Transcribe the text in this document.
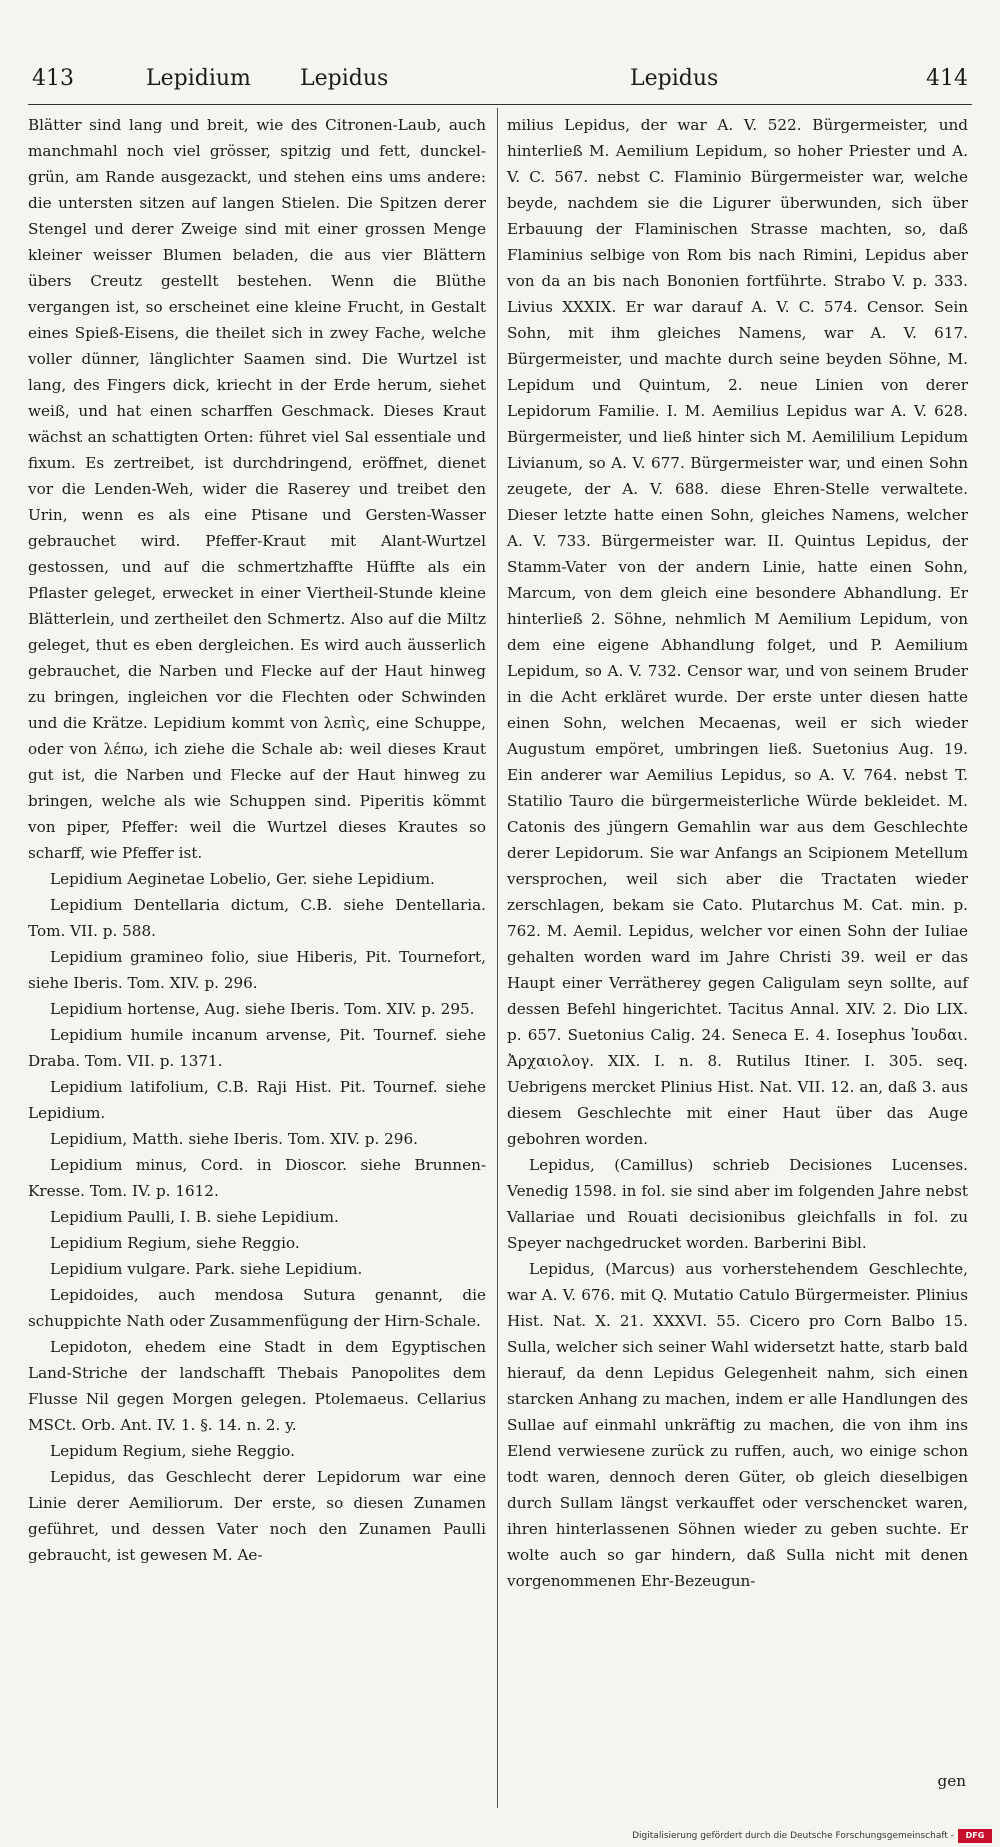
413	Lepidium Lepidus	Lepidus	414

Blätter sind lang und breit, wie des Citronen-Laub, auch manchmahl noch viel grösser, spitzig und fett, dunckel-grün, am Rande ausgezackt, und stehen eins ums andere: die untersten sitzen auf langen Stielen. Die Spitzen derer Stengel und derer Zweige sind mit einer grossen Menge kleiner weisser Blumen beladen, die aus vier Blättern übers Creutz gestellt bestehen. Wenn die Blüthe vergangen ist, so erscheinet eine kleine Frucht, in Gestalt eines Spieß-Eisens, die theilet sich in zwey Fache, welche voller dünner, länglichter Saamen sind. Die Wurtzel ist lang, des Fingers dick, kriecht in der Erde herum, siehet weiß, und hat einen scharffen Geschmack. Dieses Kraut wächst an schattigten Orten: führet viel Sal essentiale und fixum. Es zertreibet, ist durchdringend, eröffnet, dienet vor die Lenden-Weh, wider die Raserey und treibet den Urin, wenn es als eine Ptisane und Gersten-Wasser gebrauchet wird. Pfeffer-Kraut mit Alant-Wurtzel gestossen, und auf die schmertzhaffte Hüffte als ein Pflaster geleget, erwecket in einer Viertheil-Stunde kleine Blätterlein, und zertheilet den Schmertz. Also auf die Miltz geleget, thut es eben dergleichen. Es wird auch äusserlich gebrauchet, die Narben und Flecke auf der Haut hinweg zu bringen, ingleichen vor die Flechten oder Schwinden und die Krätze. Lepidium kommt von λεπὶς, eine Schuppe, oder von λέπω, ich ziehe die Schale ab: weil dieses Kraut gut ist, die Narben und Flecke auf der Haut hinweg zu bringen, welche als wie Schuppen sind. Piperitis kömmt von piper, Pfeffer: weil die Wurtzel dieses Krautes so scharff, wie Pfeffer ist.

Lepidium Aeginetae Lobelio, Ger. siehe Lepidium.

Lepidium Dentellaria dictum, C.B. siehe Dentellaria. Tom. VII. p. 588.

Lepidium gramineo folio, siue Hiberis, Pit. Tournefort, siehe Iberis. Tom. XIV. p. 296.

Lepidium hortense, Aug. siehe Iberis. Tom. XIV. p. 295.

Lepidium humile incanum arvense, Pit. Tournef. siehe Draba. Tom. VII. p. 1371.

Lepidium latifolium, C.B. Raji Hist. Pit. Tournef. siehe Lepidium.

Lepidium, Matth. siehe Iberis. Tom. XIV. p. 296.

Lepidium minus, Cord. in Dioscor. siehe Brunnen-Kresse. Tom. IV. p. 1612.

Lepidium Paulli, I. B. siehe Lepidium.

Lepidium Regium, siehe Reggio.

Lepidium vulgare. Park. siehe Lepidium.

Lepidoides, auch mendosa Sutura genannt, die schuppichte Nath oder Zusammenfügung der Hirn-Schale.

Lepidoton, ehedem eine Stadt in dem Egyptischen Land-Striche der landschafft Thebais Panopolites dem Flusse Nil gegen Morgen gelegen. Ptolemaeus. Cellarius MSCt. Orb. Ant. IV. 1. §. 14. n. 2. y.

Lepidum Regium, siehe Reggio.

Lepidus, das Geschlecht derer Lepidorum war eine Linie derer Aemiliorum. Der erste, so diesen Zunamen geführet, und dessen Vater noch den Zunamen Paulli gebraucht, ist gewesen M. Ae-

milius Lepidus, der war A. V. 522. Bürgermeister, und hinterließ M. Aemilium Lepidum, so hoher Priester und A. V. C. 567. nebst C. Flaminio Bürgermeister war, welche beyde, nachdem sie die Ligurer überwunden, sich über Erbauung der Flaminischen Strasse machten, so, daß Flaminius selbige von Rom bis nach Rimini, Lepidus aber von da an bis nach Bononien fortführte. Strabo V. p. 333. Livius XXXIX. Er war darauf A. V. C. 574. Censor. Sein Sohn, mit ihm gleiches Namens, war A. V. 617. Bürgermeister, und machte durch seine beyden Söhne, M. Lepidum und Quintum, 2. neue Linien von derer Lepidorum Familie. I. M. Aemilius Lepidus war A. V. 628. Bürgermeister, und ließ hinter sich M. Aemililium Lepidum Livianum, so A. V. 677. Bürgermeister war, und einen Sohn zeugete, der A. V. 688. diese Ehren-Stelle verwaltete. Dieser letzte hatte einen Sohn, gleiches Namens, welcher A. V. 733. Bürgermeister war. II. Quintus Lepidus, der Stamm-Vater von der andern Linie, hatte einen Sohn, Marcum, von dem gleich eine besondere Abhandlung. Er hinterließ 2. Söhne, nehmlich M Aemilium Lepidum, von dem eine eigene Abhandlung folget, und P. Aemilium Lepidum, so A. V. 732. Censor war, und von seinem Bruder in die Acht erkläret wurde. Der erste unter diesen hatte einen Sohn, welchen Mecaenas, weil er sich wieder Augustum empöret, umbringen ließ. Suetonius Aug. 19. Ein anderer war Aemilius Lepidus, so A. V. 764. nebst T. Statilio Tauro die bürgermeisterliche Würde bekleidet. M. Catonis des jüngern Gemahlin war aus dem Geschlechte derer Lepidorum. Sie war Anfangs an Scipionem Metellum versprochen, weil sich aber die Tractaten wieder zerschlagen, bekam sie Cato. Plutarchus M. Cat. min. p. 762. M. Aemil. Lepidus, welcher vor einen Sohn der Iuliae gehalten worden ward im Jahre Christi 39. weil er das Haupt einer Verrätherey gegen Caligulam seyn sollte, auf dessen Befehl hingerichtet. Tacitus Annal. XIV. 2. Dio LIX. p. 657. Suetonius Calig. 24. Seneca E. 4. Iosephus Ἰουδαι. Ἀρχαιολογ. XIX. I. n. 8. Rutilus Itiner. I. 305. seq. Uebrigens mercket Plinius Hist. Nat. VII. 12. an, daß 3. aus diesem Geschlechte mit einer Haut über das Auge gebohren worden.

Lepidus, (Camillus) schrieb Decisiones Lucenses. Venedig 1598. in fol. sie sind aber im folgenden Jahre nebst Vallariae und Rouati decisionibus gleichfalls in fol. zu Speyer nachgedrucket worden. Barberini Bibl.

Lepidus, (Marcus) aus vorherstehendem Geschlechte, war A. V. 676. mit Q. Mutatio Catulo Bürgermeister. Plinius Hist. Nat. X. 21. XXXVI. 55. Cicero pro Corn Balbo 15. Sulla, welcher sich seiner Wahl widersetzt hatte, starb bald hierauf, da denn Lepidus Gelegenheit nahm, sich einen starcken Anhang zu machen, indem er alle Handlungen des Sullae auf einmahl unkräftig zu machen, die von ihm ins Elend verwiesene zurück zu ruffen, auch, wo einige schon todt waren, dennoch deren Güter, ob gleich dieselbigen durch Sullam längst verkauffet oder verschencket waren, ihren hinterlassenen Söhnen wieder zu geben suchte. Er wolte auch so gar hindern, daß Sulla nicht mit denen vorgenommenen Ehr-Bezeugun-

gen
Digitalisierung gefördert durch die Deutsche Forschungsgemeinschaft -	DFG
